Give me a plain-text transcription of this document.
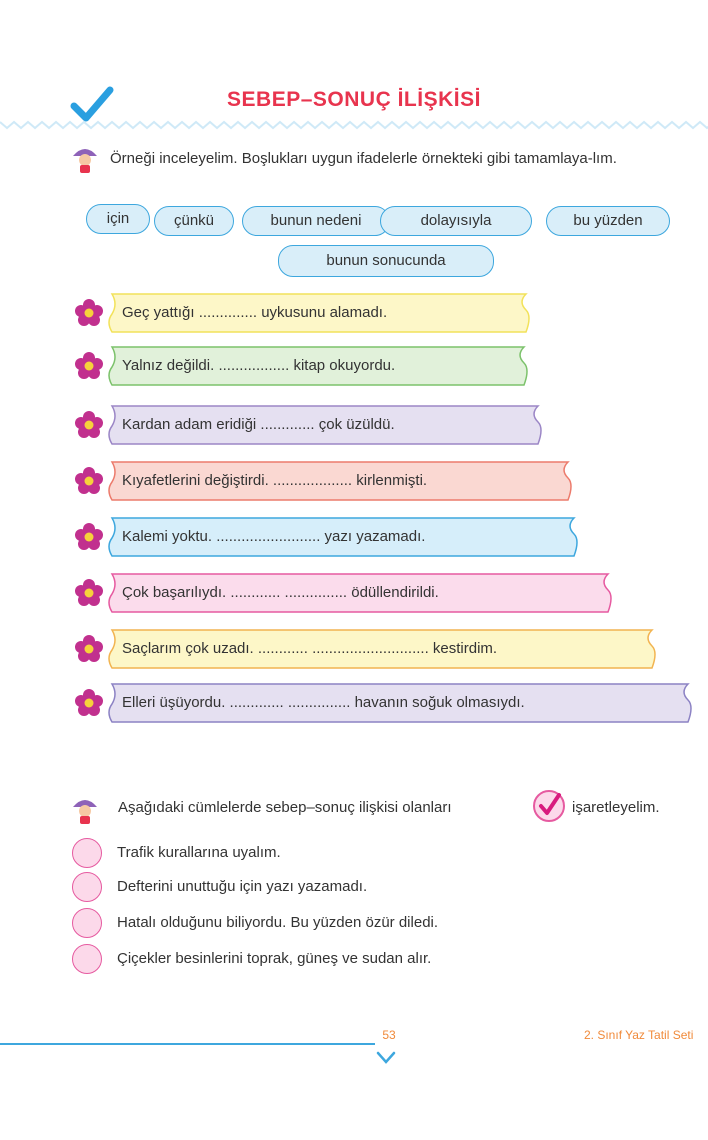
SEBEP–SONUÇ İLİŞKİSİ
Örneği inceleyelim. Boşlukları uygun ifadelerle örnekteki gibi tamamlaya-lım.
için	çünkü	bunun nedeni	dolayısıyla	bu yüzden
bunun sonucunda
Geç yattığı .............. uykusunu alamadı.
Yalnız değildi. ................. kitap okuyordu.
Kardan adam eridiği ............. çok üzüldü.
Kıyafetlerini değiştirdi. ................... kirlenmişti.
Kalemi yoktu. ......................... yazı yazamadı.
Çok başarılıydı. ............ ............... ödüllendirildi.
Saçlarım çok uzadı. ............ ............................ kestirdim.
Elleri üşüyordu. ............. ............... havanın soğuk olmasıydı.
Aşağıdaki cümlelerde sebep–sonuç ilişkisi olanları	işaretleyelim.
Trafik kurallarına uyalım.
Defterini unuttuğu için yazı yazamadı.
Hatalı olduğunu biliyordu. Bu yüzden özür diledi.
Çiçekler besinlerini toprak, güneş ve sudan alır.
53	2. Sınıf Yaz Tatil Seti
